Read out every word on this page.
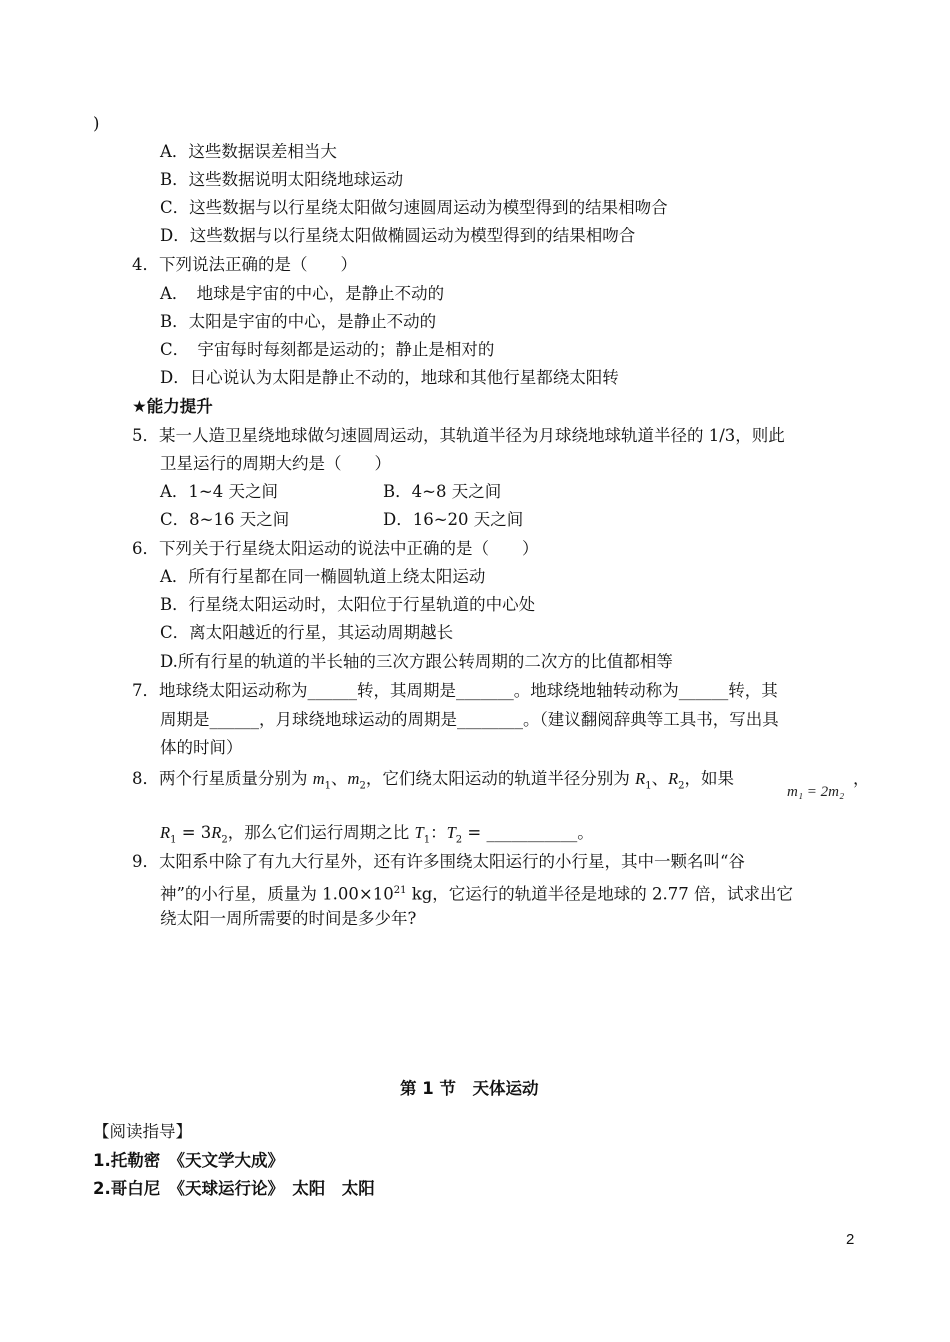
)
A．这些数据误差相当大
B．这些数据说明太阳绕地球运动
C．这些数据与以行星绕太阳做匀速圆周运动为模型得到的结果相吻合
D．这些数据与以行星绕太阳做椭圆运动为模型得到的结果相吻合
4．下列说法正确的是（　　）
A．　地球是宇宙的中心，是静止不动的
B．太阳是宇宙的中心，是静止不动的
C．　宇宙每时每刻都是运动的；静止是相对的
D．日心说认为太阳是静止不动的，地球和其他行星都绕太阳转
★能力提升
5．某一人造卫星绕地球做匀速圆周运动，其轨道半径为月球绕地球轨道半径的 1/3，则此
卫星运行的周期大约是（　　）
A．1~4 天之间	B．4~8 天之间
C．8~16 天之间	D．16~20 天之间
6．下列关于行星绕太阳运动的说法中正确的是（　　）
A．所有行星都在同一椭圆轨道上绕太阳运动
B．行星绕太阳运动时，太阳位于行星轨道的中心处
C．离太阳越近的行星，其运动周期越长
D.所有行星的轨道的半长轴的三次方跟公转周期的二次方的比值都相等
7．地球绕太阳运动称为______转，其周期是_______。地球绕地轴转动称为______转，其
周期是______，月球绕地球运动的周期是________。（建议翻阅辞典等工具书，写出具
体的时间）
8．两个行星质量分别为 $m_1$、$m_2$，它们绕太阳运动的轨道半径分别为 $R_1$、$R_2$，如果
m₁ = 2m₂
，
$R_1 = 3R_2$，那么它们运行周期之比 $T_1$：$T_2$ = ___________。
9．太阳系中除了有九大行星外，还有许多围绕太阳运行的小行星，其中一颗名叫“谷
神”的小行星，质量为 $1.00\times 10^{21}$ kg，它运行的轨道半径是地球的 2.77 倍，试求出它
绕太阳一周所需要的时间是多少年?
第 1 节　天体运动
【阅读指导】
1.托勒密　《天文学大成》
2.哥白尼　《天球运行论》　太阳　太阳
2
